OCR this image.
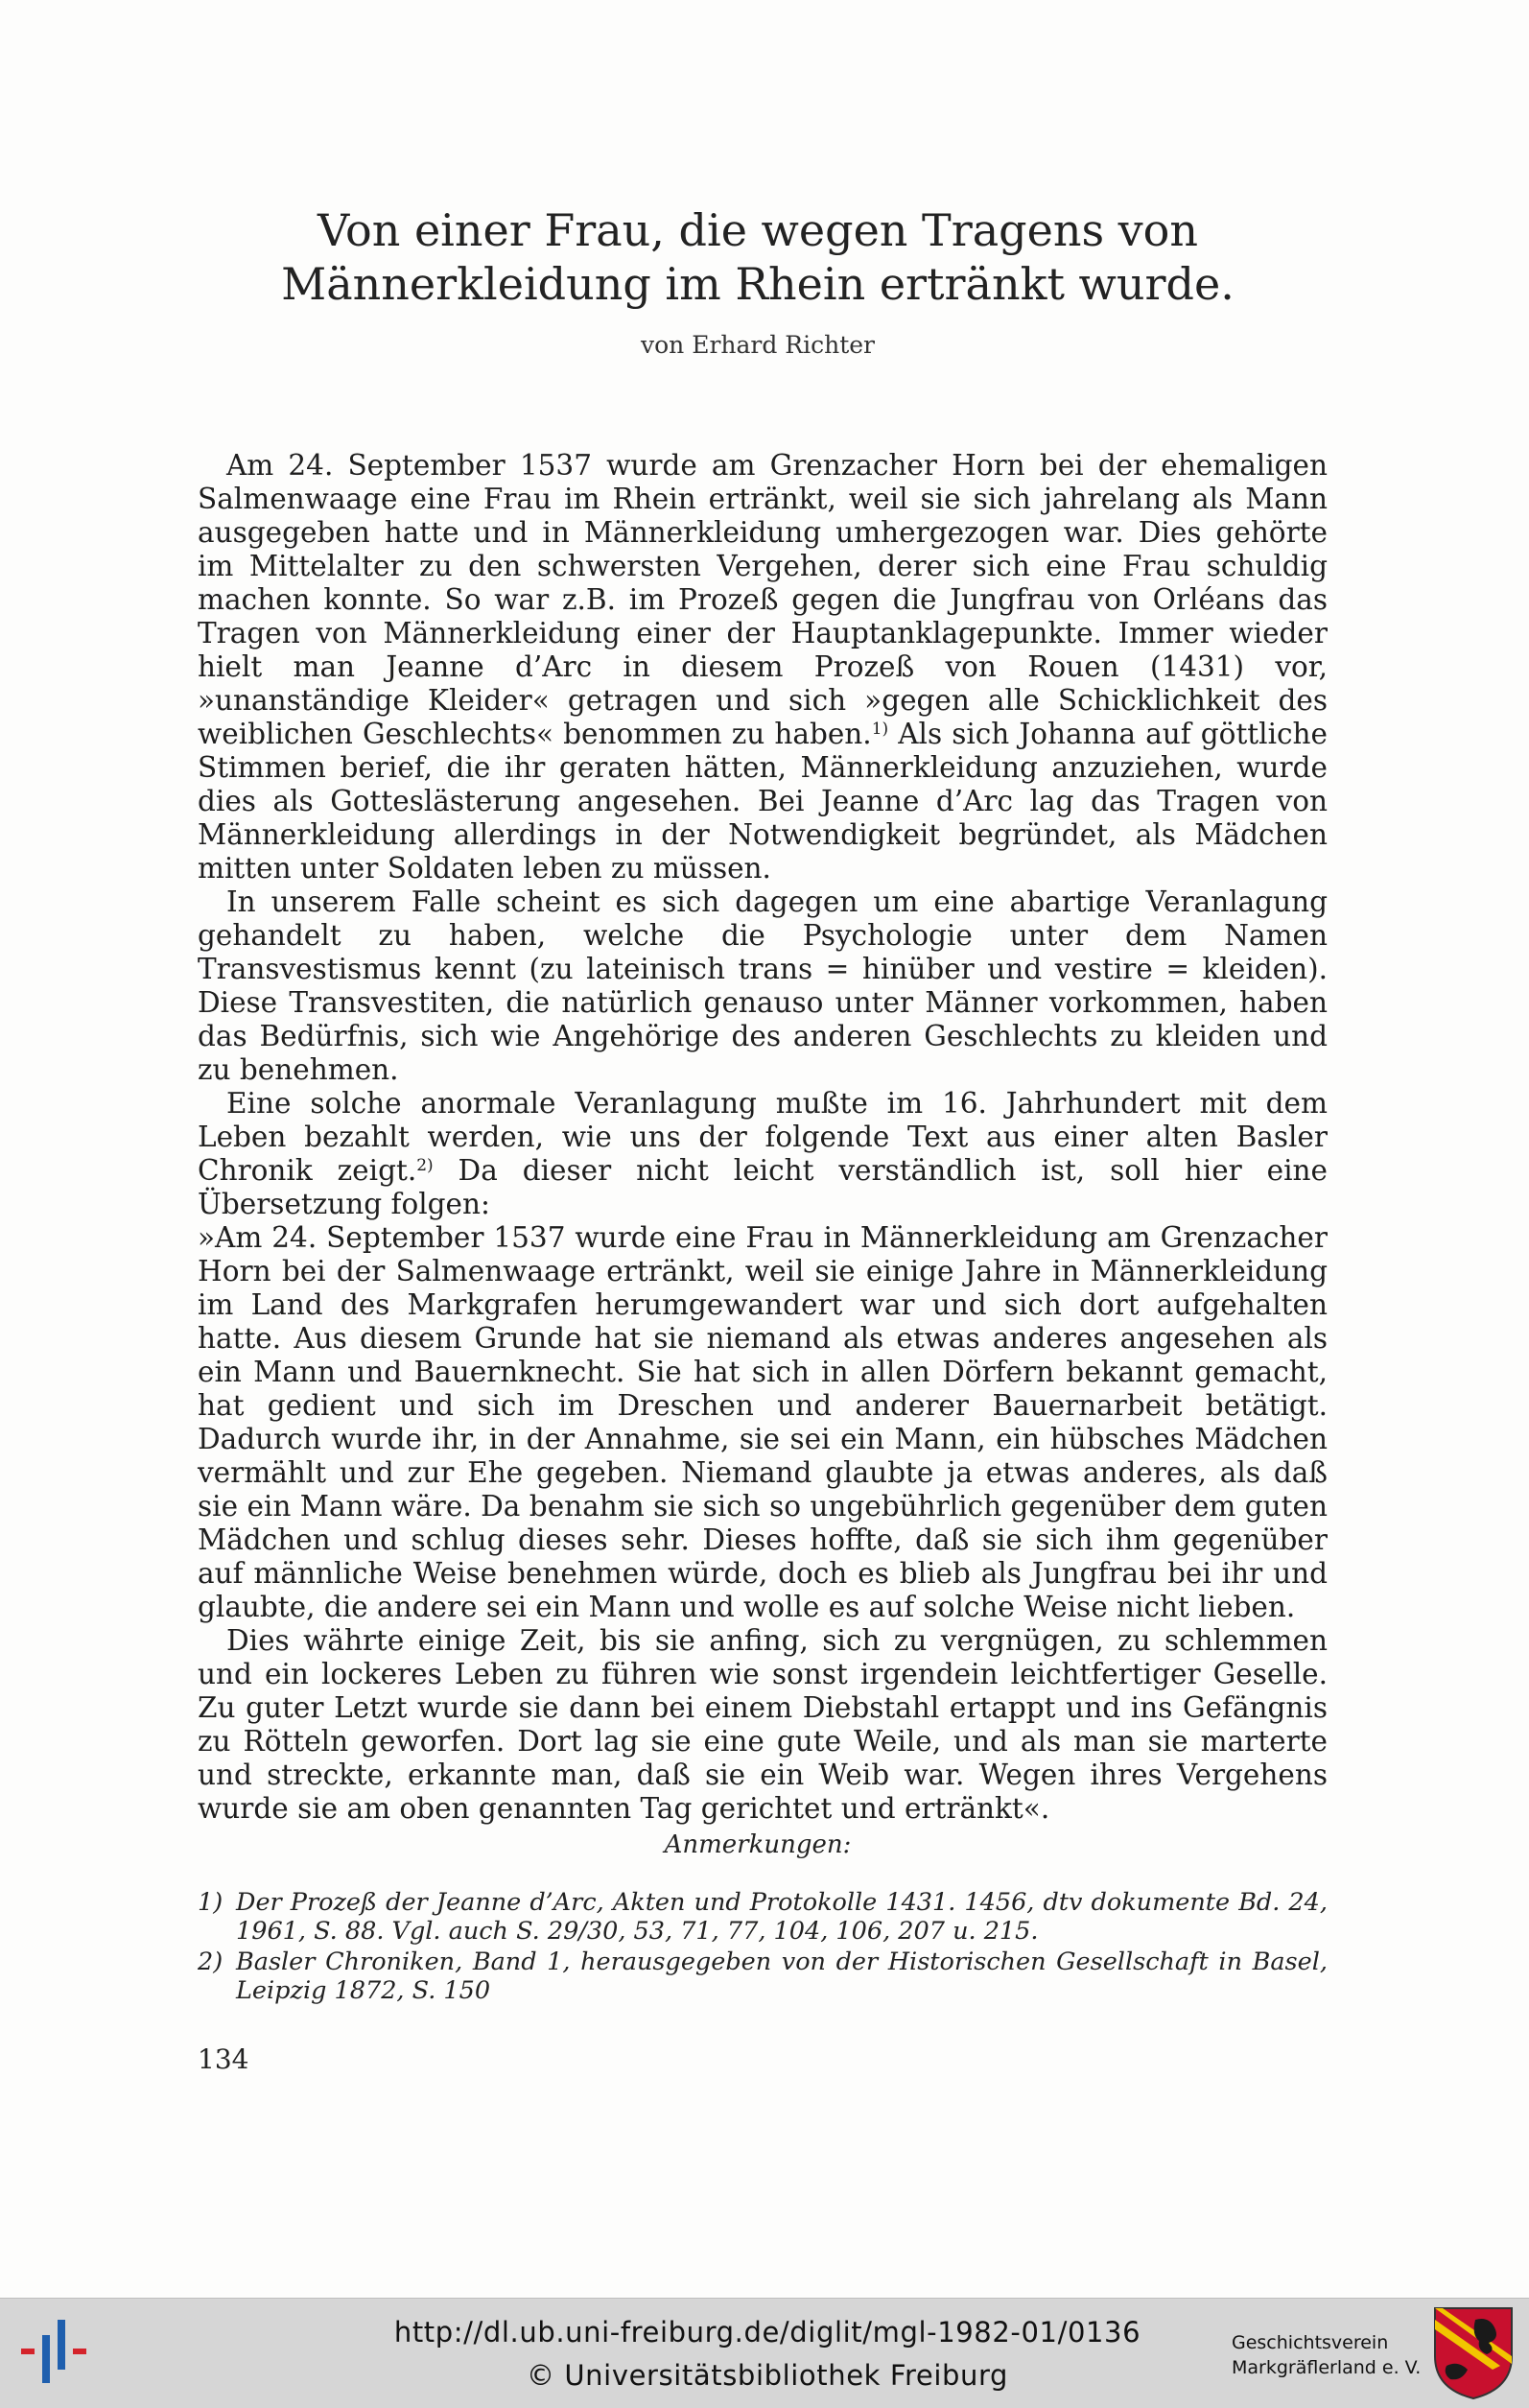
Von einer Frau, die wegen Tragens von
Männerkleidung im Rhein ertränkt wurde.
von Erhard Richter

Am 24. September 1537 wurde am Grenzacher Horn bei der ehemaligen Salmenwaage eine Frau im Rhein ertränkt, weil sie sich jahrelang als Mann ausgegeben hatte und in Männerkleidung umhergezogen war. Dies gehörte im Mittelalter zu den schwersten Vergehen, derer sich eine Frau schuldig machen konnte. So war z.B. im Prozeß gegen die Jungfrau von Orléans das Tragen von Männerkleidung einer der Hauptanklagepunkte. Immer wieder hielt man Jeanne d’Arc in diesem Prozeß von Rouen (1431) vor, »unanständige Kleider« getragen und sich »gegen alle Schicklichkeit des weiblichen Geschlechts« benommen zu haben.$^{1)}$ Als sich Johanna auf göttliche Stimmen berief, die ihr geraten hätten, Männerkleidung anzuziehen, wurde dies als Gotteslästerung angesehen. Bei Jeanne d’Arc lag das Tragen von Männerkleidung allerdings in der Notwendigkeit begründet, als Mädchen mitten unter Soldaten leben zu müssen.

In unserem Falle scheint es sich dagegen um eine abartige Veranlagung gehandelt zu haben, welche die Psychologie unter dem Namen Transvestismus kennt (zu lateinisch trans = hinüber und vestire = kleiden). Diese Transvestiten, die natürlich genauso unter Männer vorkommen, haben das Bedürfnis, sich wie Angehörige des anderen Geschlechts zu kleiden und zu benehmen.

Eine solche anormale Veranlagung mußte im 16. Jahrhundert mit dem Leben bezahlt werden, wie uns der folgende Text aus einer alten Basler Chronik zeigt.$^{2)}$ Da dieser nicht leicht verständlich ist, soll hier eine Übersetzung folgen:

»Am 24. September 1537 wurde eine Frau in Männerkleidung am Grenzacher Horn bei der Salmenwaage ertränkt, weil sie einige Jahre in Männerkleidung im Land des Markgrafen herumgewandert war und sich dort aufgehalten hatte. Aus diesem Grunde hat sie niemand als etwas anderes angesehen als ein Mann und Bauernknecht. Sie hat sich in allen Dörfern bekannt gemacht, hat gedient und sich im Dreschen und anderer Bauernarbeit betätigt. Dadurch wurde ihr, in der Annahme, sie sei ein Mann, ein hübsches Mädchen vermählt und zur Ehe gegeben. Niemand glaubte ja etwas anderes, als daß sie ein Mann wäre. Da benahm sie sich so ungebührlich gegenüber dem guten Mädchen und schlug dieses sehr. Dieses hoffte, daß sie sich ihm gegenüber auf männliche Weise benehmen würde, doch es blieb als Jungfrau bei ihr und glaubte, die andere sei ein Mann und wolle es auf solche Weise nicht lieben.

Dies währte einige Zeit, bis sie anfing, sich zu vergnügen, zu schlemmen und ein lockeres Leben zu führen wie sonst irgendein leichtfertiger Geselle. Zu guter Letzt wurde sie dann bei einem Diebstahl ertappt und ins Gefängnis zu Rötteln geworfen. Dort lag sie eine gute Weile, und als man sie marterte und streckte, erkannte man, daß sie ein Weib war. Wegen ihres Vergehens wurde sie am oben genannten Tag gerichtet und ertränkt«.

Anmerkungen:
1) Der Prozeß der Jeanne d’Arc, Akten und Protokolle 1431. 1456, dtv dokumente Bd. 24, 1961, S. 88. Vgl. auch S. 29/30, 53, 71, 77, 104, 106, 207 u. 215.
2) Basler Chroniken, Band 1, herausgegeben von der Historischen Gesellschaft in Basel, Leipzig 1872, S. 150
134
http://dl.ub.uni-freiburg.de/diglit/mgl-1982-01/0136
© Universitätsbibliothek Freiburg
Geschichtsverein
Markgräflerland e. V.
